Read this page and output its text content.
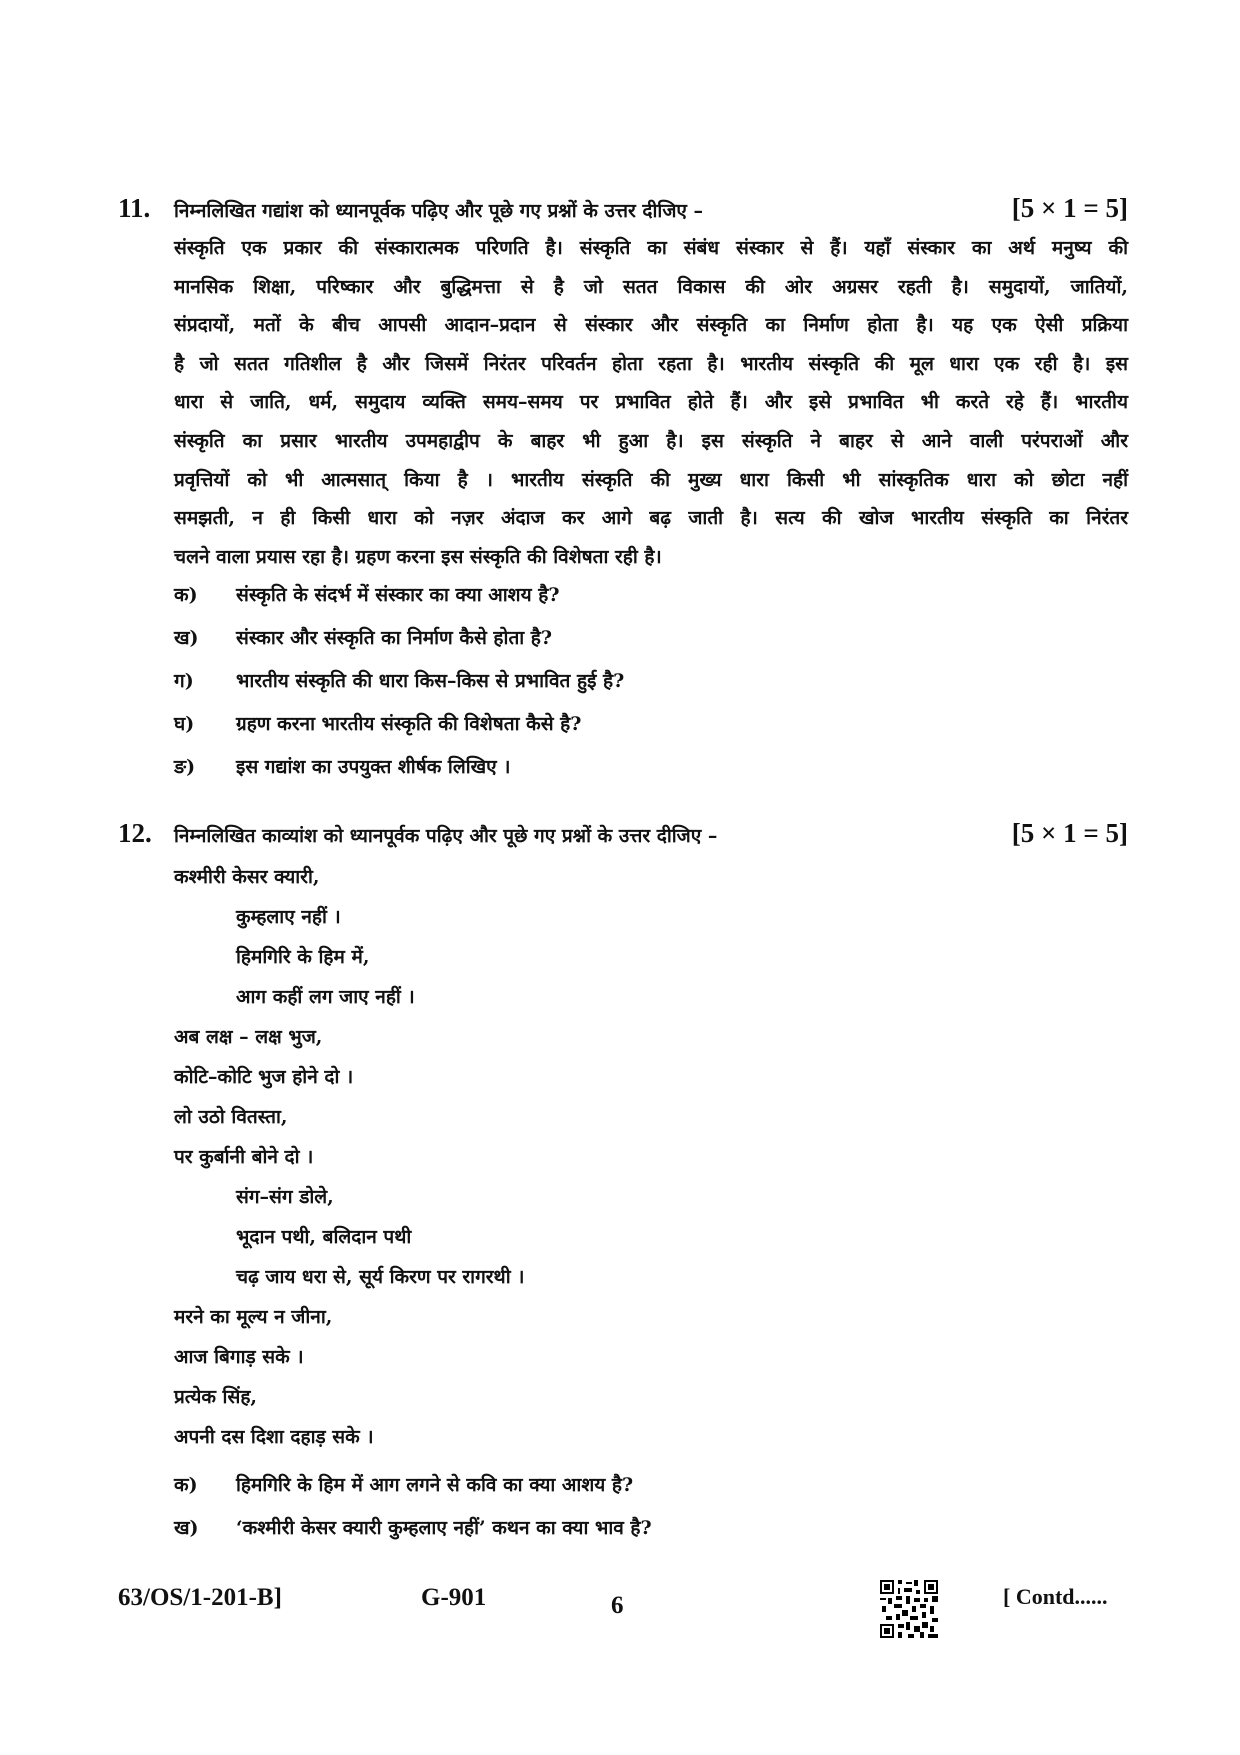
11. निम्नलिखित गद्यांश को ध्यानपूर्वक पढ़िए और पूछे गए प्रश्नों के उत्तर दीजिए –	[5 × 1 = 5]
संस्कृति एक प्रकार की संस्कारात्मक परिणति है। संस्कृति का संबंध संस्कार से हैं। यहाँ संस्कार का अर्थ मनुष्य की
मानसिक शिक्षा, परिष्कार और बुद्धिमत्ता से है जो सतत विकास की ओर अग्रसर रहती है। समुदायों, जातियों,
संप्रदायों, मतों के बीच आपसी आदान–प्रदान से संस्कार और संस्कृति का निर्माण होता है। यह एक ऐसी प्रक्रिया
है जो सतत गतिशील है और जिसमें निरंतर परिवर्तन होता रहता है। भारतीय संस्कृति की मूल धारा एक रही है। इस
धारा से जाति, धर्म, समुदाय व्यक्ति समय–समय पर प्रभावित होते हैं। और इसे प्रभावित भी करते रहे हैं। भारतीय
संस्कृति का प्रसार भारतीय उपमहाद्वीप के बाहर भी हुआ है। इस संस्कृति ने बाहर से आने वाली परंपराओं और
प्रवृत्तियों को भी आत्मसात् किया है । भारतीय संस्कृति की मुख्य धारा किसी भी सांस्कृतिक धारा को छोटा नहीं
समझती, न ही किसी धारा को नज़र अंदाज कर आगे बढ़ जाती है। सत्य की खोज भारतीय संस्कृति का निरंतर
चलने वाला प्रयास रहा है। ग्रहण करना इस संस्कृति की विशेषता रही है।
क) संस्कृति के संदर्भ में संस्कार का क्या आशय है?
ख) संस्कार और संस्कृति का निर्माण कैसे होता है?
ग) भारतीय संस्कृति की धारा किस–किस से प्रभावित हुई है?
घ) ग्रहण करना भारतीय संस्कृति की विशेषता कैसे है?
ङ) इस गद्यांश का उपयुक्त शीर्षक लिखिए ।
12. निम्नलिखित काव्यांश को ध्यानपूर्वक पढ़िए और पूछे गए प्रश्नों के उत्तर दीजिए –	[5 × 1 = 5]
कश्मीरी केसर क्यारी,
कुम्हलाए नहीं ।
हिमगिरि के हिम में,
आग कहीं लग जाए नहीं ।
अब लक्ष – लक्ष भुज,
कोटि–कोटि भुज होने दो ।
लो उठो वितस्ता,
पर कुर्बानी बोने दो ।
संग–संग डोले,
भूदान पथी, बलिदान पथी
चढ़ जाय धरा से, सूर्य किरण पर रागरथी ।
मरने का मूल्य न जीना,
आज बिगाड़ सके ।
प्रत्येक सिंह,
अपनी दस दिशा दहाड़ सके ।
क) हिमगिरि के हिम में आग लगने से कवि का क्या आशय है?
ख) ‘कश्मीरी केसर क्यारी कुम्हलाए नहीं’ कथन का क्या भाव है?
63/OS/1-201-B]	G-901	6	[ Contd......
